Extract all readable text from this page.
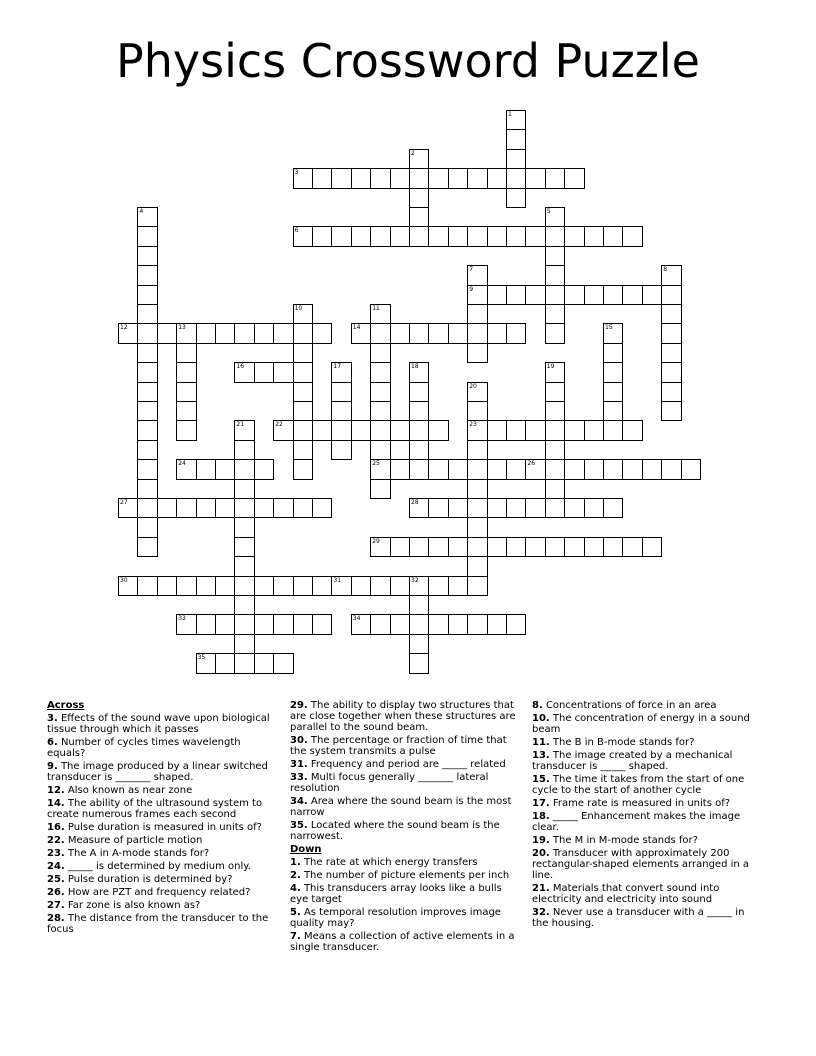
Physics Crossword Puzzle
1
2
3
4	5
6
7
9
8
10	11
25
12	13	14	15
16	17	18	19
20
23
21	22
24	26
27	28
29
30	31	32
33	34
35
Across
3. Effects of the sound wave upon biological tissue through which it passes
6. Number of cycles times wavelength equals?
9. The image produced by a linear switched transducer is _______ shaped.
12. Also known as near zone
14. The ability of the ultrasound system to create numerous frames each second
16. Pulse duration is measured in units of?
22. Measure of particle motion
23. The A in A-mode stands for?
24. _____ is determined by medium only.
25. Pulse duration is determined by?
26. How are PZT and frequency related?
27. Far zone is also known as?
28. The distance from the transducer to the focus
29. The ability to display two structures that are close together when these structures are parallel to the sound beam.
30. The percentage or fraction of time that the system transmits a pulse
31. Frequency and period are _____ related
33. Multi focus generally _______ lateral resolution
34. Area where the sound beam is the most narrow
35. Located where the sound beam is the narrowest.
Down
1. The rate at which energy transfers
2. The number of picture elements per inch
4. This transducers array looks like a bulls eye target
5. As temporal resolution improves image quality may?
7. Means a collection of active elements in a single transducer.
8. Concentrations of force in an area
10. The concentration of energy in a sound beam
11. The B in B-mode stands for?
13. The image created by a mechanical transducer is _____ shaped.
15. The time it takes from the start of one cycle to the start of another cycle
17. Frame rate is measured in units of?
18. _____ Enhancement makes the image clear.
19. The M in M-mode stands for?
20. Transducer with approximately 200 rectangular-shaped elements arranged in a line.
21. Materials that convert sound into electricity and electricity into sound
32. Never use a transducer with a _____ in the housing.
